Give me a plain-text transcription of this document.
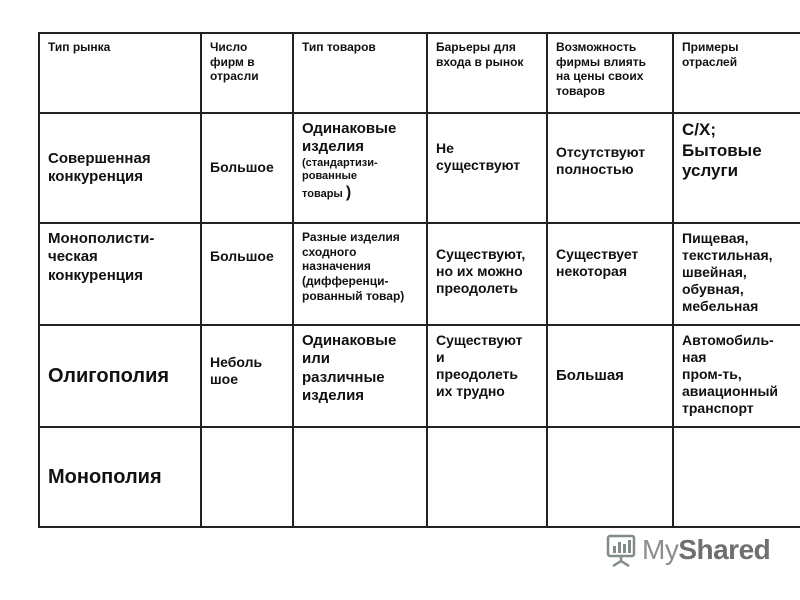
Тип рынка	Число
фирм в
отрасли	Тип товаров	Барьеры для
входа в рынок	Возможность
фирмы влиять
на цены своих
товаров	Примеры
отраслей

Совершенная
конкуренция	Большое	Одинаковые
изделия
(стандартизи-
рованные
товары )	Не
существуют	Отсутствуют
полностью	С/Х;
Бытовые
услуги

Монополисти-
ческая
конкуренция	Большое	Разные изделия
сходного
назначения
(дифференци-
рованный товар)	Существуют,
но их можно
преодолеть	Существует
некоторая	Пищевая,
текстильная,
швейная,
обувная,
мебельная

Олигополия	Неболь
шое	Одинаковые
или
различные
изделия	Существуют
и
преодолеть
их трудно	Большая	Автомобиль-
ная
пром-ть,
авиационный
транспорт

Монополия					

MyShared
